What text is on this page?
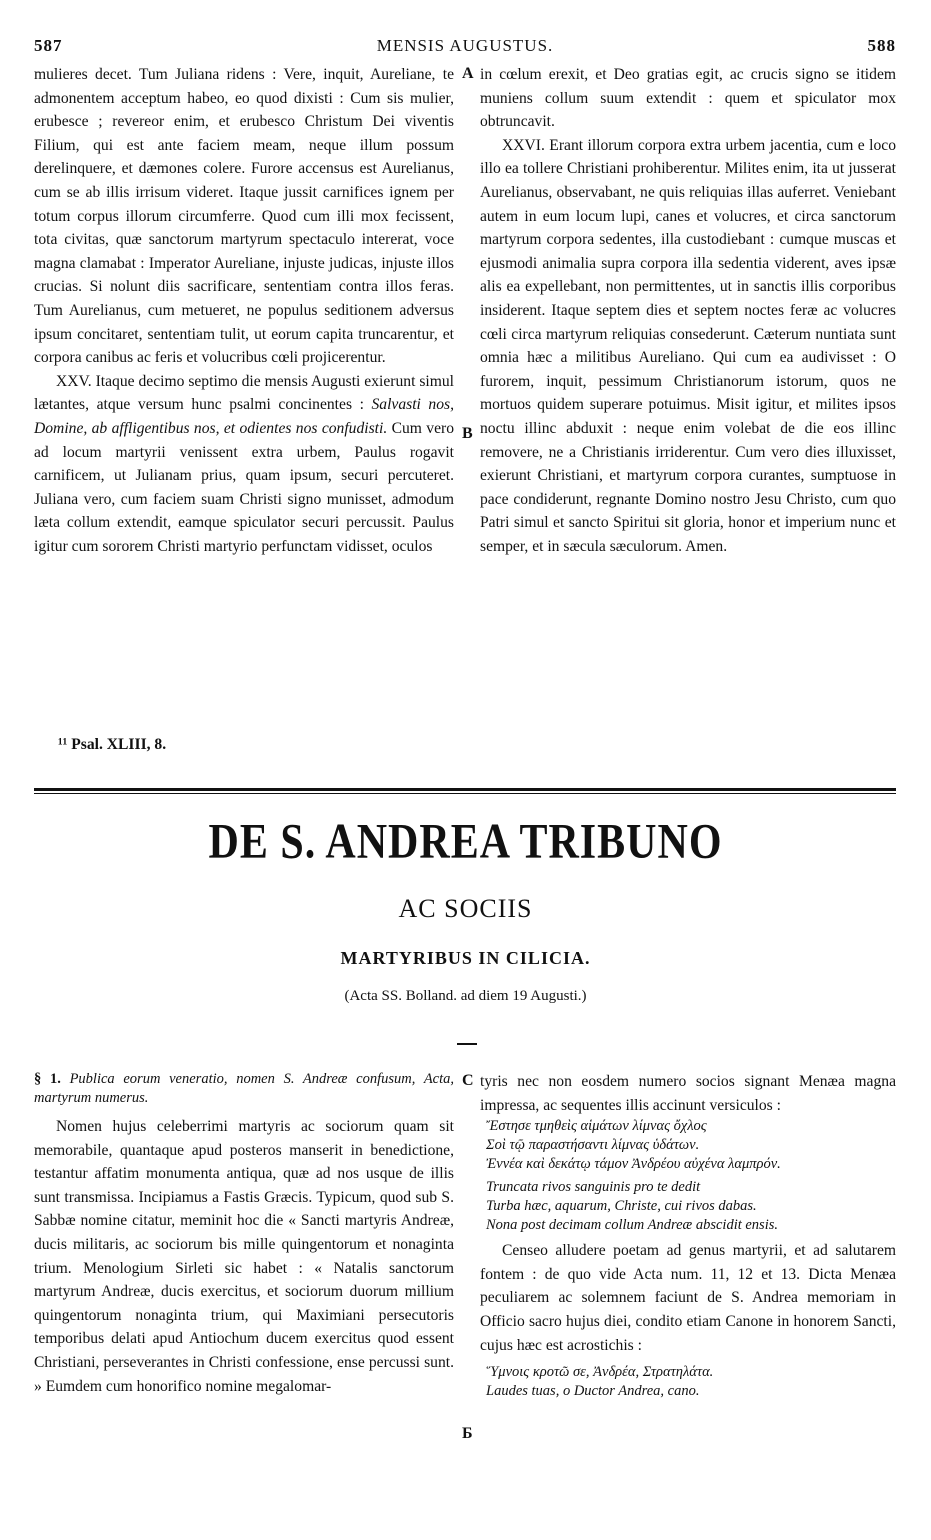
587	MENSIS AUGUSTUS.	588

mulieres decet. Tum Juliana ridens : Vere, inquit, Aureliane, te admonentem acceptum habeo, eo quod dixisti : Cum sis mulier, erubesce ; revereor enim, et erubesco Christum Dei viventis Filium, qui est ante faciem meam, neque illum possum derelinquere, et dæmones colere. Furore accensus est Aurelianus, cum se ab illis irrisum videret. Itaque jussit carnifices ignem per totum corpus illorum circumferre. Quod cum illi mox fecissent, tota civitas, quæ sanctorum martyrum spectaculo intererat, voce magna clamabat : Imperator Aureliane, injuste judicas, injuste illos crucias. Si nolunt diis sacrificare, sententiam contra illos feras. Tum Aurelianus, cum metueret, ne populus seditionem adversus ipsum concitaret, sententiam tulit, ut eorum capita truncarentur, et corpora canibus ac feris et volucribus cœli projicerentur.

XXV. Itaque decimo septimo die mensis Augusti exierunt simul lætantes, atque versum hunc psalmi concinentes : Salvasti nos, Domine, ab affligentibus nos, et odientes nos confudisti. Cum vero ad locum martyrii venissent extra urbem, Paulus rogavit carnificem, ut Julianam prius, quam ipsum, securi percuteret. Juliana vero, cum faciem suam Christi signo munisset, admodum læta collum extendit, eamque spiculator securi percussit. Paulus igitur cum sororem Christi martyrio perfunctam vidisset, oculos

A
B

in cœlum erexit, et Deo gratias egit, ac crucis signo se itidem muniens collum suum extendit : quem et spiculator mox obtruncavit.

XXVI. Erant illorum corpora extra urbem jacentia, cum e loco illo ea tollere Christiani prohiberentur. Milites enim, ita ut jusserat Aurelianus, observabant, ne quis reliquias illas auferret. Veniebant autem in eum locum lupi, canes et volucres, et circa sanctorum martyrum corpora sedentes, illa custodiebant : cumque muscas et ejusmodi animalia supra corpora illa sedentia viderent, aves ipsæ alis ea expellebant, non permittentes, ut in sanctis illis corporibus insiderent. Itaque septem dies et septem noctes feræ ac volucres cœli circa martyrum reliquias consederunt. Cæterum nuntiata sunt omnia hæc a militibus Aureliano. Qui cum ea audivisset : O furorem, inquit, pessimum Christianorum istorum, quos ne mortuos quidem superare potuimus. Misit igitur, et milites ipsos noctu illinc abduxit : neque enim volebat de die eos illinc removere, ne a Christianis irriderentur. Cum vero dies illuxisset, exierunt Christiani, et martyrum corpora curantes, sumptuose in pace condiderunt, regnante Domino nostro Jesu Christo, cum quo Patri simul et sancto Spiritui sit gloria, honor et imperium nunc et semper, et in sæcula sæculorum. Amen.

¹¹ Psal. XLIII, 8.
DE S. ANDREA TRIBUNO
AC SOCIIS
MARTYRIBUS IN CILICIA.
(Acta SS. Bolland. ad diem 19 Augusti.)

§ 1. Publica eorum veneratio, nomen S. Andreæ confusum, Acta, martyrum numerus.

Nomen hujus celeberrimi martyris ac sociorum quam sit memorabile, quantaque apud posteros manserit in benedictione, testantur affatim monumenta antiqua, quæ ad nos usque de illis sunt transmissa. Incipiamus a Fastis Græcis. Typicum, quod sub S. Sabbæ nomine citatur, meminit hoc die « Sancti martyris Andreæ, ducis militaris, ac sociorum bis mille quingentorum et nonaginta trium. Menologium Sirleti sic habet : « Natalis sanctorum martyrum Andreæ, ducis exercitus, et sociorum duorum millium quingentorum nonaginta trium, qui Maximiani persecutoris temporibus delati apud Antiochum ducem exercitus quod essent Christiani, perseverantes in Christi confessione, ense percussi sunt. » Eumdem cum honorifico nomine megalomar-

C
Б

tyris nec non eosdem numero socios signant Menæa magna impressa, ac sequentes illis accinunt versiculos :

Ἔστησε τμηθεὶς αἱμάτων λίμνας ὄχλος
Σοὶ τῷ παραστήσαντι λίμνας ὑδάτων.
Ἐννέα καὶ δεκάτῳ τάμον Ἀνδρέου αὐχένα λαμπρόν.
Truncata rivos sanguinis pro te dedit
Turba hæc, aquarum, Christe, cui rivos dabas.
Nona post decimam collum Andreæ abscidit ensis.

Censeo alludere poetam ad genus martyrii, et ad salutarem fontem : de quo vide Acta num. 11, 12 et 13. Dicta Menæa peculiarem ac solemnem faciunt de S. Andrea memoriam in Officio sacro hujus diei, condito etiam Canone in honorem Sancti, cujus hæc est acrostichis :

Ὕμνοις κροτῶ σε, Ἀνδρέα, Στρατηλάτα.
Laudes tuas, o Ductor Andrea, cano.
